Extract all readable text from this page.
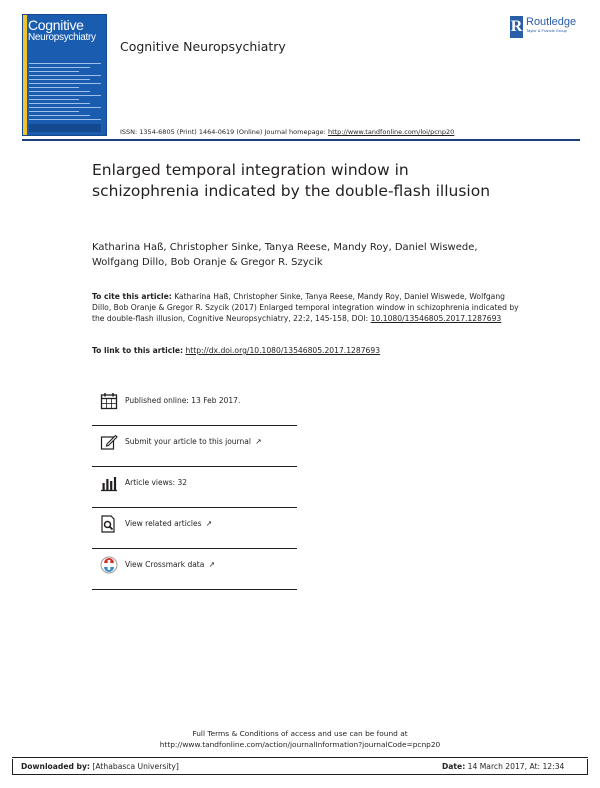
Cognitive
Neuropsychiatry
Cognitive Neuropsychiatry
R Routledge
Taylor & Francis Group
ISSN: 1354-6805 (Print) 1464-0619 (Online) Journal homepage: http://www.tandfonline.com/loi/pcnp20
Enlarged temporal integration window in schizophrenia indicated by the double-flash illusion
Katharina Haß, Christopher Sinke, Tanya Reese, Mandy Roy, Daniel Wiswede, Wolfgang Dillo, Bob Oranje & Gregor R. Szycik
To cite this article: Katharina Haß, Christopher Sinke, Tanya Reese, Mandy Roy, Daniel Wiswede, Wolfgang Dillo, Bob Oranje & Gregor R. Szycik (2017) Enlarged temporal integration window in schizophrenia indicated by the double-flash illusion, Cognitive Neuropsychiatry, 22:2, 145-158, DOI: 10.1080/13546805.2017.1287693
To link to this article: http://dx.doi.org/10.1080/13546805.2017.1287693
Published online: 13 Feb 2017.
Submit your article to this journal ↗
Article views: 32
View related articles ↗
View Crossmark data ↗
Full Terms & Conditions of access and use can be found at
http://www.tandfonline.com/action/journalInformation?journalCode=pcnp20
Downloaded by: [Athabasca University]	Date: 14 March 2017, At: 12:34
